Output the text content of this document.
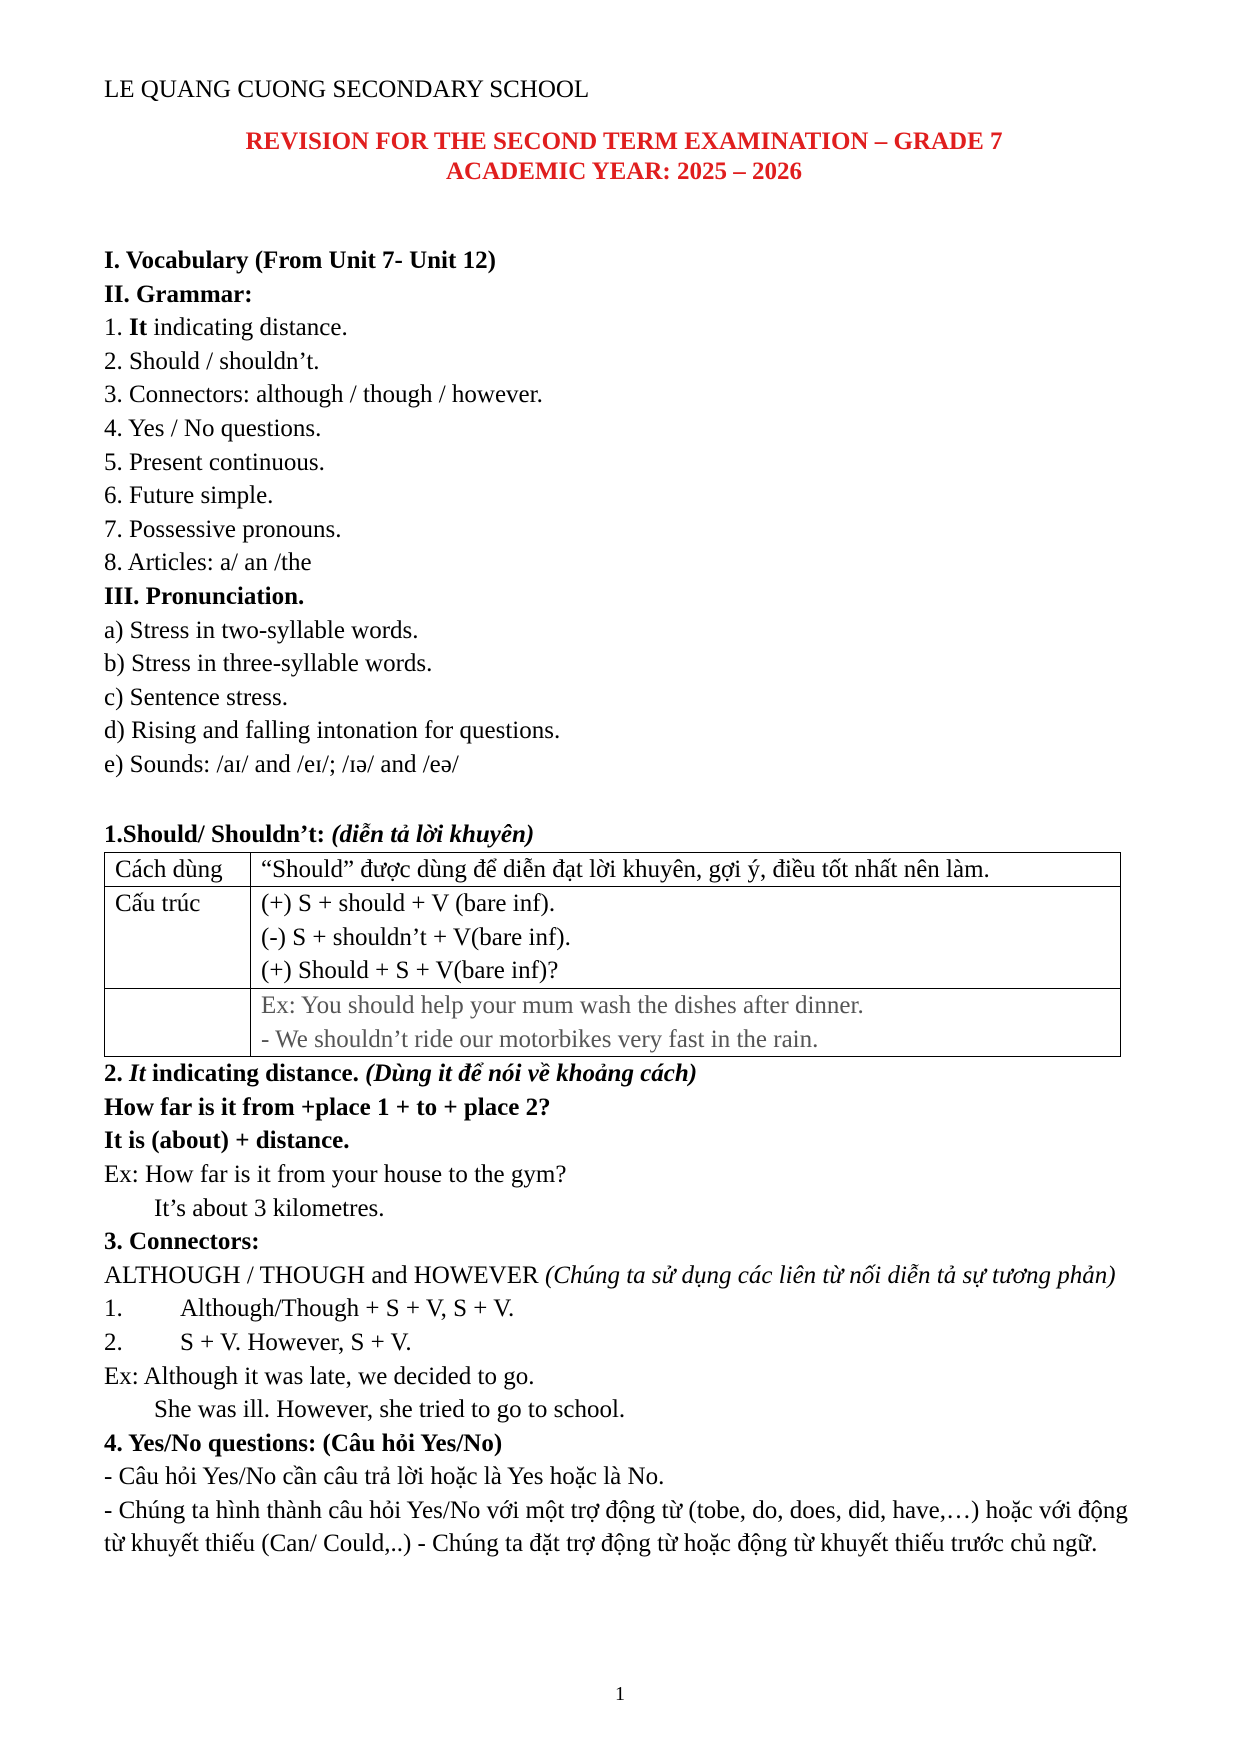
LE QUANG CUONG SECONDARY SCHOOL
REVISION FOR THE SECOND TERM EXAMINATION – GRADE 7
ACADEMIC YEAR: 2025 – 2026
I. Vocabulary (From Unit 7- Unit 12)
II. Grammar:
1. It indicating distance.
2. Should / shouldn’t.
3. Connectors: although / though / however.
4. Yes / No questions.
5. Present continuous.
6. Future simple.
7. Possessive pronouns.
8. Articles: a/ an /the
III. Pronunciation.
a) Stress in two-syllable words.
b) Stress in three-syllable words.
c) Sentence stress.
d) Rising and falling intonation for questions.
e) Sounds: /aɪ/ and /eɪ/; /ɪə/ and /eə/
1.Should/ Shouldn’t: (diễn tả lời khuyên)
Cách dùng	“Should” được dùng để diễn đạt lời khuyên, gợi ý, điều tốt nhất nên làm.
Cấu trúc	(+) S + should + V (bare inf).
(-) S + shouldn’t + V(bare inf).
(+) Should + S + V(bare inf)?

	Ex: You should help your mum wash the dishes after dinner.
- We shouldn’t ride our motorbikes very fast in the rain.
2. It indicating distance. (Dùng it để nói về khoảng cách)
How far is it from +place 1 + to + place 2?
It is (about) + distance.
Ex: How far is it from your house to the gym?
It’s about 3 kilometres.
3. Connectors:
ALTHOUGH / THOUGH and HOWEVER (Chúng ta sử dụng các liên từ nối diễn tả sự tương phản)
1. Although/Though + S + V, S + V.
2. S + V. However, S + V.
Ex: Although it was late, we decided to go.
She was ill. However, she tried to go to school.
4. Yes/No questions: (Câu hỏi Yes/No)
- Câu hỏi Yes/No cần câu trả lời hoặc là Yes hoặc là No.
- Chúng ta hình thành câu hỏi Yes/No với một trợ động từ (tobe, do, does, did, have,…) hoặc với động từ khuyết thiếu (Can/ Could,..) - Chúng ta đặt trợ động từ hoặc động từ khuyết thiếu trước chủ ngữ.
1
